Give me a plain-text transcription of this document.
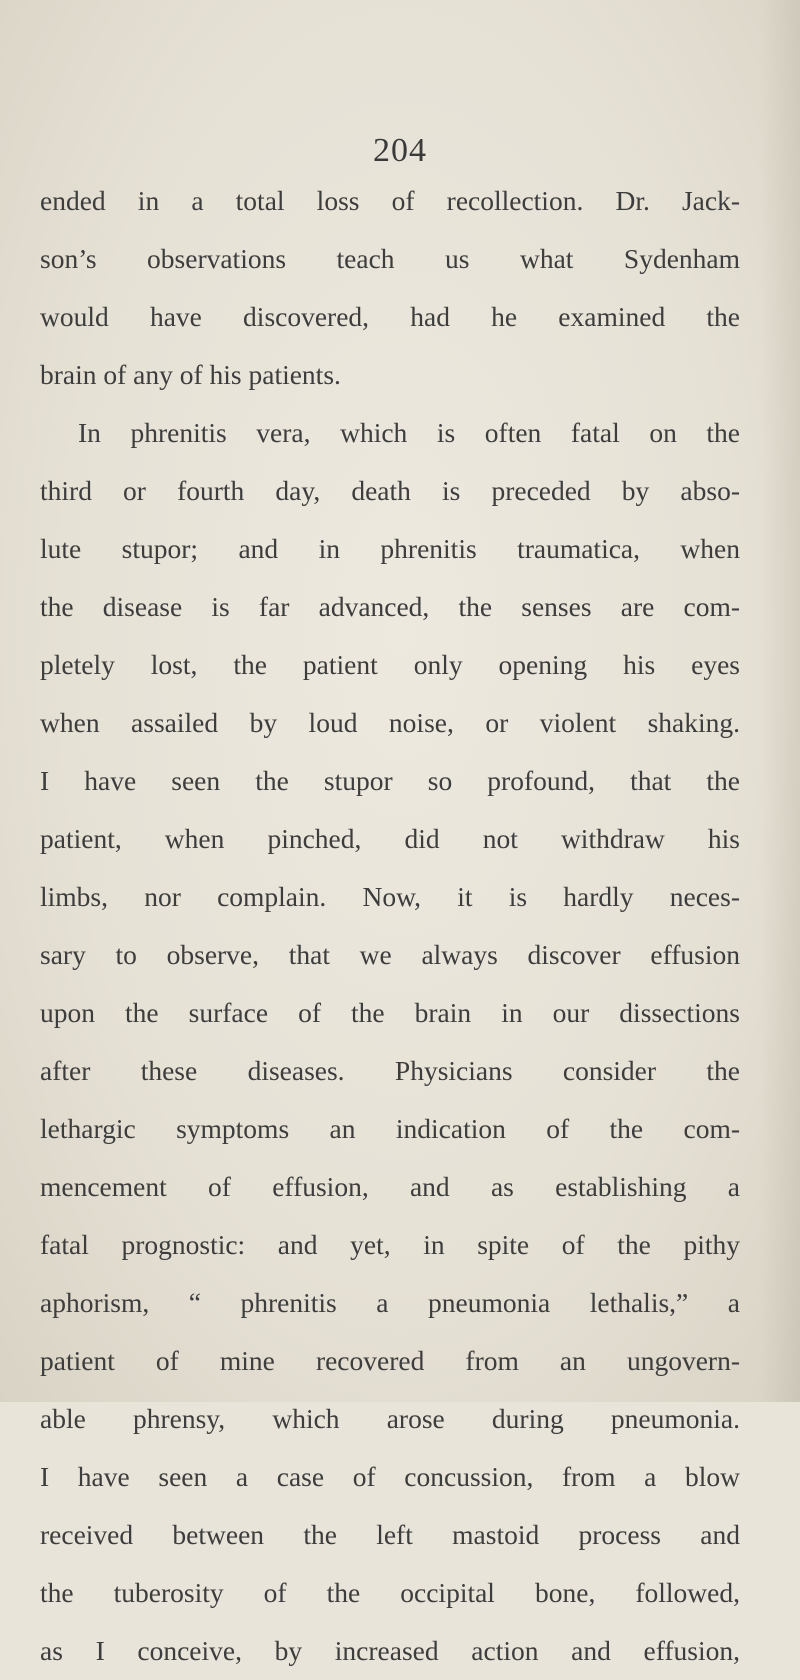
204
ended in a total loss of recollection. Dr. Jack-
son’s observations teach us what Sydenham
would have discovered, had he examined the
brain of any of his patients.
In phrenitis vera, which is often fatal on the
third or fourth day, death is preceded by abso-
lute stupor; and in phrenitis traumatica, when
the disease is far advanced, the senses are com-
pletely lost, the patient only opening his eyes
when assailed by loud noise, or violent shaking.
I have seen the stupor so profound, that the
patient, when pinched, did not withdraw his
limbs, nor complain. Now, it is hardly neces-
sary to observe, that we always discover effusion
upon the surface of the brain in our dissections
after these diseases. Physicians consider the
lethargic symptoms an indication of the com-
mencement of effusion, and as establishing a
fatal prognostic: and yet, in spite of the pithy
aphorism, “ phrenitis a pneumonia lethalis,” a
patient of mine recovered from an ungovern-
able phrensy, which arose during pneumonia.
I have seen a case of concussion, from a blow
received between the left mastoid process and
the tuberosity of the occipital bone, followed,
as I conceive, by increased action and effusion,
